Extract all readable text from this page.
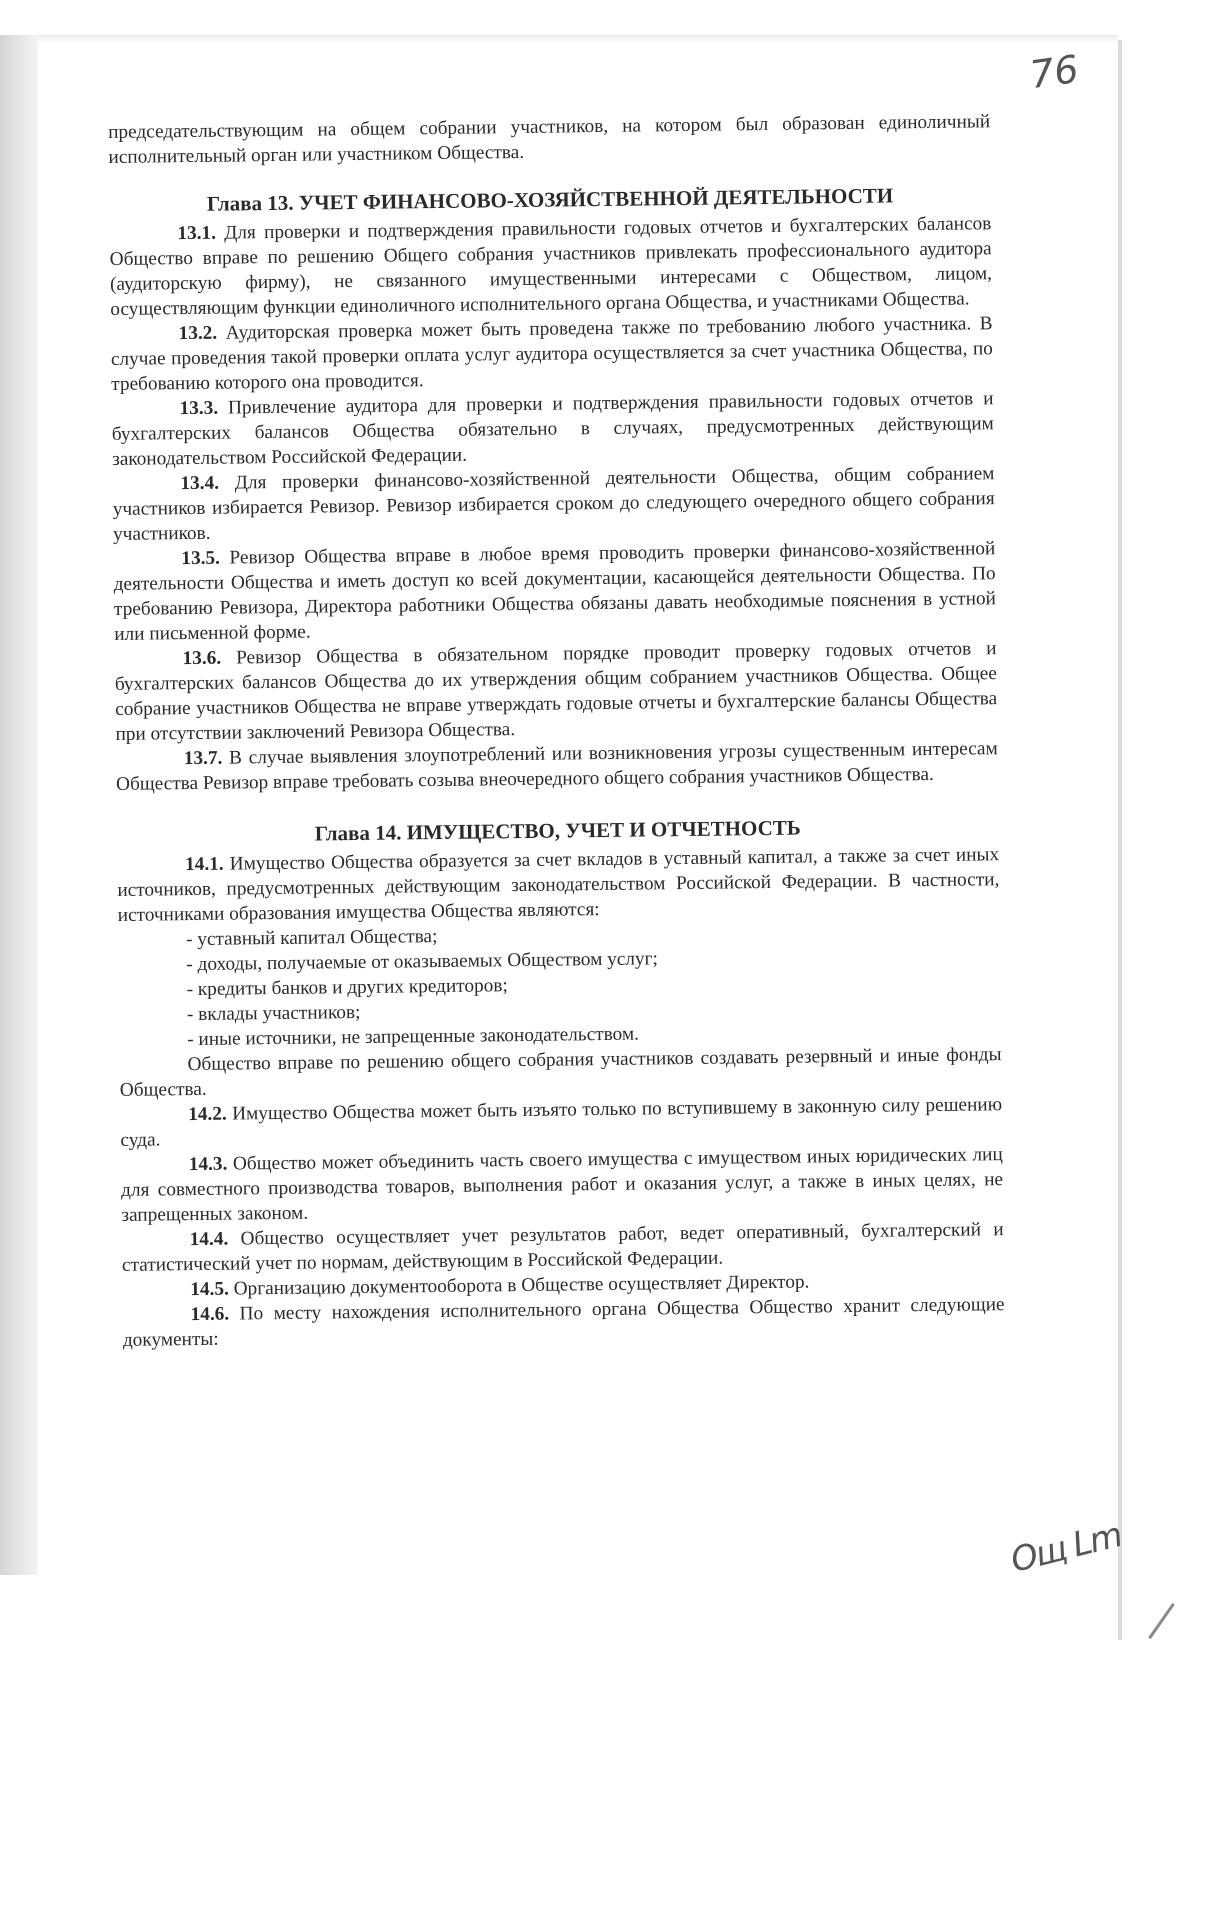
76

председательствующим на общем собрании участников, на котором был образован единоличный исполнительный орган или участником Общества.

Глава 13. УЧЕТ ФИНАНСОВО-ХОЗЯЙСТВЕННОЙ ДЕЯТЕЛЬНОСТИ

13.1. Для проверки и подтверждения правильности годовых отчетов и бухгалтерских балансов Общество вправе по решению Общего собрания участников привлекать профессионального аудитора (аудиторскую фирму), не связанного имущественными интересами с Обществом, лицом, осуществляющим функции единоличного исполнительного органа Общества, и участниками Общества.

13.2. Аудиторская проверка может быть проведена также по требованию любого участника. В случае проведения такой проверки оплата услуг аудитора осуществляется за счет участника Общества, по требованию которого она проводится.

13.3. Привлечение аудитора для проверки и подтверждения правильности годовых отчетов и бухгалтерских балансов Общества обязательно в случаях, предусмотренных действующим законодательством Российской Федерации.

13.4. Для проверки финансово-хозяйственной деятельности Общества, общим собранием участников избирается Ревизор. Ревизор избирается сроком до следующего очередного общего собрания участников.

13.5. Ревизор Общества вправе в любое время проводить проверки финансово-хозяйственной деятельности Общества и иметь доступ ко всей документации, касающейся деятельности Общества. По требованию Ревизора, Директора работники Общества обязаны давать необходимые пояснения в устной или письменной форме.

13.6. Ревизор Общества в обязательном порядке проводит проверку годовых отчетов и бухгалтерских балансов Общества до их утверждения общим собранием участников Общества. Общее собрание участников Общества не вправе утверждать годовые отчеты и бухгалтерские балансы Общества при отсутствии заключений Ревизора Общества.

13.7. В случае выявления злоупотреблений или возникновения угрозы существенным интересам Общества Ревизор вправе требовать созыва внеочередного общего собрания участников Общества.

Глава 14. ИМУЩЕСТВО, УЧЕТ И ОТЧЕТНОСТЬ

14.1. Имущество Общества образуется за счет вкладов в уставный капитал, а также за счет иных источников, предусмотренных действующим законодательством Российской Федерации. В частности, источниками образования имущества Общества являются:

- уставный капитал Общества;

- доходы, получаемые от оказываемых Обществом услуг;

- кредиты банков и других кредиторов;

- вклады участников;

- иные источники, не запрещенные законодательством.

Общество вправе по решению общего собрания участников создавать резервный и иные фонды Общества.

14.2. Имущество Общества может быть изъято только по вступившему в законную силу решению суда.

14.3. Общество может объединить часть своего имущества с имуществом иных юридических лиц для совместного производства товаров, выполнения работ и оказания услуг, а также в иных целях, не запрещенных законом.

14.4. Общество осуществляет учет результатов работ, ведет оперативный, бухгалтерский и статистический учет по нормам, действующим в Российской Федерации.

14.5. Организацию документооборота в Обществе осуществляет Директор.

14.6. По месту нахождения исполнительного органа Общества Общество хранит следующие документы:

Ощ Lm
